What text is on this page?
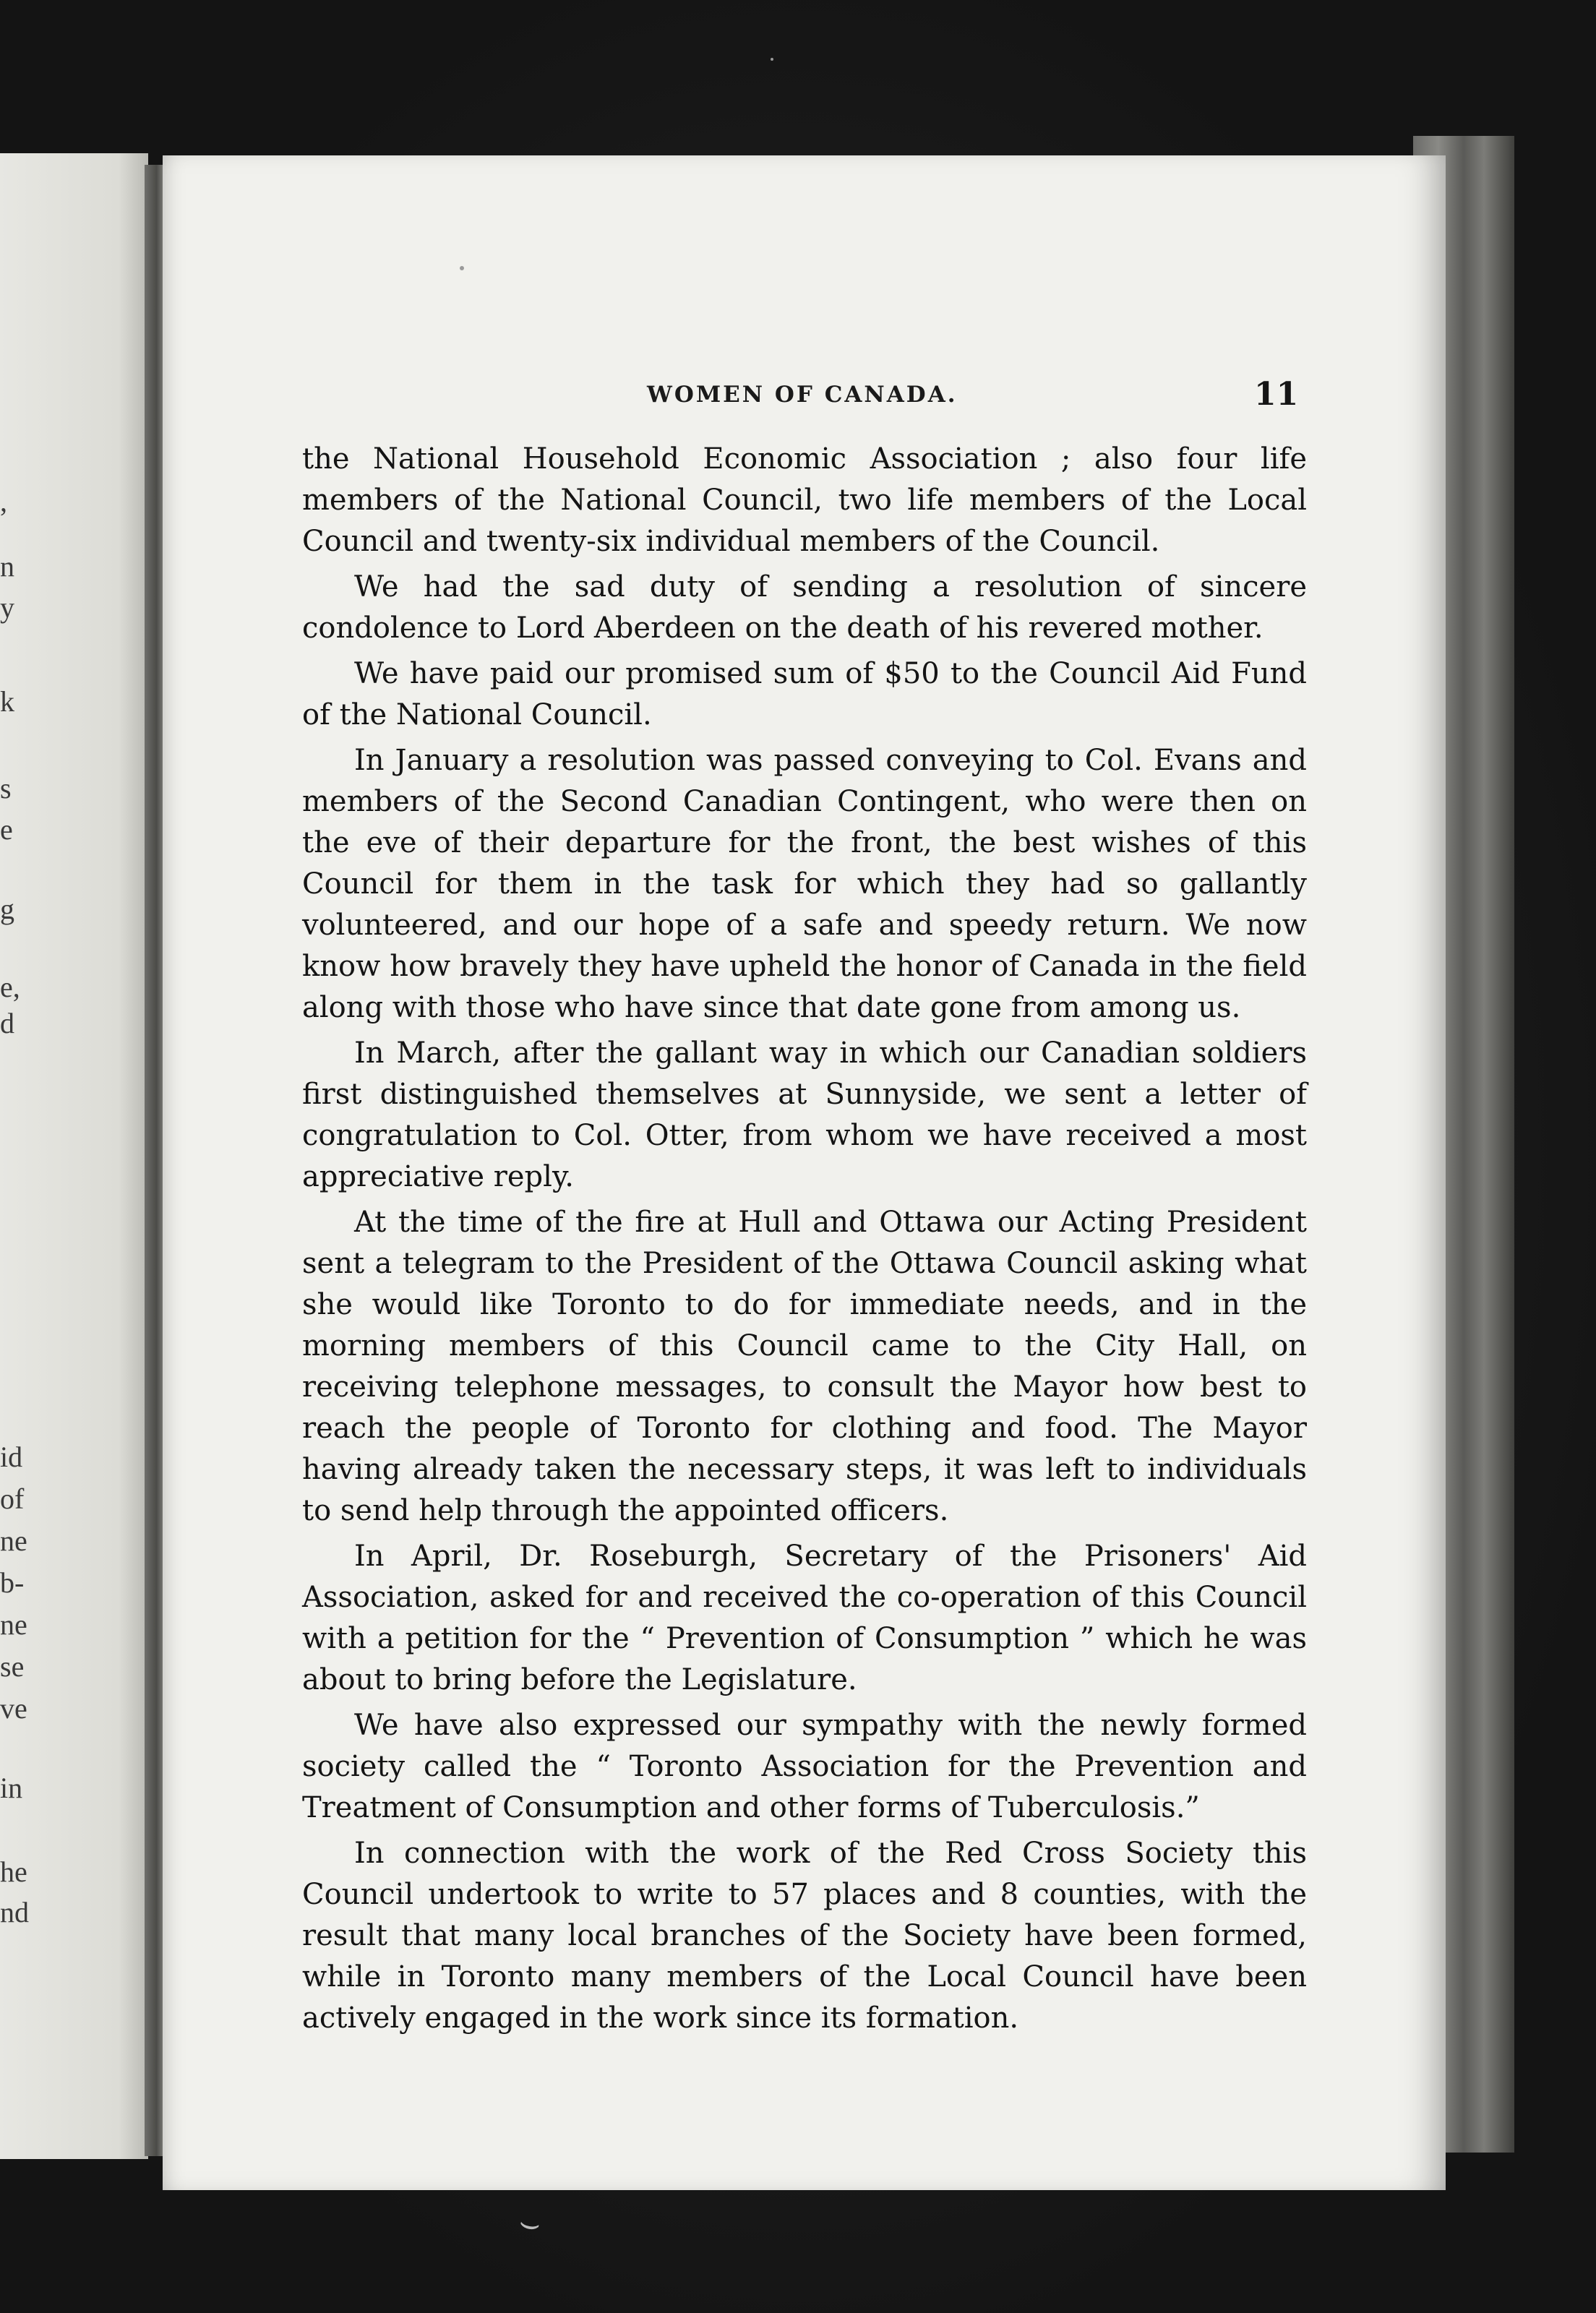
,
n
y
k
s
e
g
e,
d
id
of
ne
b-
ne
se
ve
in
he
nd
WOMEN OF CANADA.	11

the National Household Economic Association ; also four life members of the National Council, two life members of the Local Council and twenty-six individual members of the Council.

We had the sad duty of sending a resolution of sincere condolence to Lord Aberdeen on the death of his revered mother.

We have paid our promised sum of $50 to the Council Aid Fund of the National Council.

In January a resolution was passed conveying to Col. Evans and members of the Second Canadian Contingent, who were then on the eve of their departure for the front, the best wishes of this Council for them in the task for which they had so gallantly volunteered, and our hope of a safe and speedy return. We now know how bravely they have upheld the honor of Canada in the field along with those who have since that date gone from among us.

In March, after the gallant way in which our Canadian soldiers first distinguished themselves at Sunnyside, we sent a letter of congratulation to Col. Otter, from whom we have received a most appreciative reply.

At the time of the fire at Hull and Ottawa our Acting President sent a telegram to the President of the Ottawa Council asking what she would like Toronto to do for immediate needs, and in the morning members of this Council came to the City Hall, on receiving telephone messages, to consult the Mayor how best to reach the people of Toronto for clothing and food. The Mayor having already taken the necessary steps, it was left to individuals to send help through the appointed officers.

In April, Dr. Roseburgh, Secretary of the Prisoners' Aid Association, asked for and received the co-operation of this Council with a petition for the “ Prevention of Consumption ” which he was about to bring before the Legislature.

We have also expressed our sympathy with the newly formed society called the “ Toronto Association for the Prevention and Treatment of Consumption and other forms of Tuberculosis.”

In connection with the work of the Red Cross Society this Council undertook to write to 57 places and 8 counties, with the result that many local branches of the Society have been formed, while in Toronto many members of the Local Council have been actively engaged in the work since its formation.

⌣
